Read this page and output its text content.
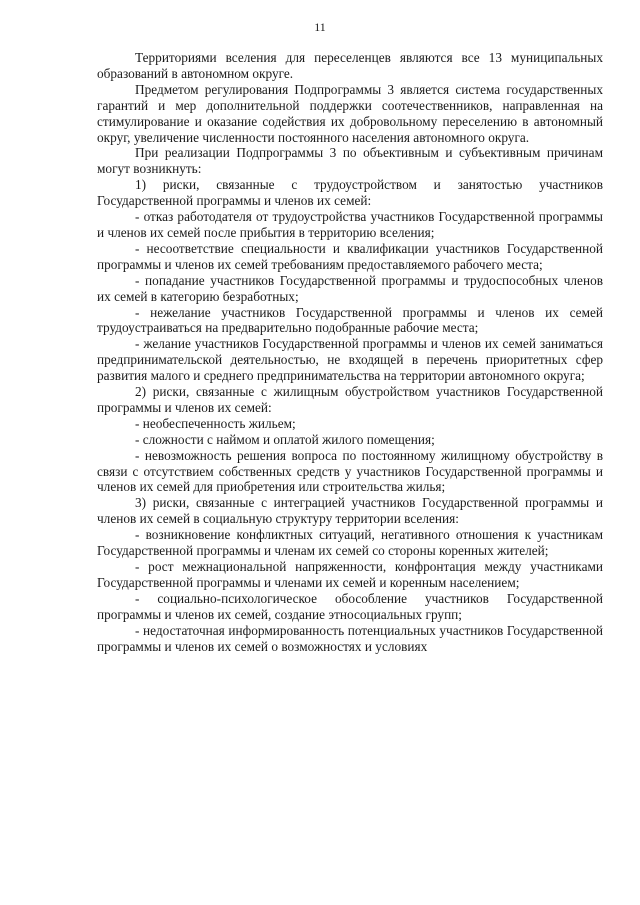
11

Территориями вселения для переселенцев являются все 13 муниципальных образований в автономном округе.

Предметом регулирования Подпрограммы 3 является система государственных гарантий и мер дополнительной поддержки соотечественников, направленная на стимулирование и оказание содействия их добровольному переселению в автономный округ, увеличение численности постоянного населения автономного округа.

При реализации Подпрограммы 3 по объективным и субъективным причинам могут возникнуть:

1) риски, связанные с трудоустройством и занятостью участников Государственной программы и членов их семей:

- отказ работодателя от трудоустройства участников Государственной программы и членов их семей после прибытия в территорию вселения;

- несоответствие специальности и квалификации участников Государственной программы и членов их семей требованиям предоставляемого рабочего места;

- попадание участников Государственной программы и трудоспособных членов их семей в категорию безработных;

- нежелание участников Государственной программы и членов их семей трудоустраиваться на предварительно подобранные рабочие места;

- желание участников Государственной программы и членов их семей заниматься предпринимательской деятельностью, не входящей в перечень приоритетных сфер развития малого и среднего предпринимательства на территории автономного округа;

2) риски, связанные с жилищным обустройством участников Государственной программы и членов их семей:

- необеспеченность жильем;

- сложности с наймом и оплатой жилого помещения;

- невозможность решения вопроса по постоянному жилищному обустройству в связи с отсутствием собственных средств у участников Государственной программы и членов их семей для приобретения или строительства жилья;

3) риски, связанные с интеграцией участников Государственной программы и членов их семей в социальную структуру территории вселения:

- возникновение конфликтных ситуаций, негативного отношения к участникам Государственной программы и членам их семей со стороны коренных жителей;

- рост межнациональной напряженности, конфронтация между участниками Государственной программы и членами их семей и коренным населением;

- социально-психологическое обособление участников Государственной программы и членов их семей, создание этносоциальных групп;

- недостаточная информированность потенциальных участников Государственной программы и членов их семей о возможностях и условиях
